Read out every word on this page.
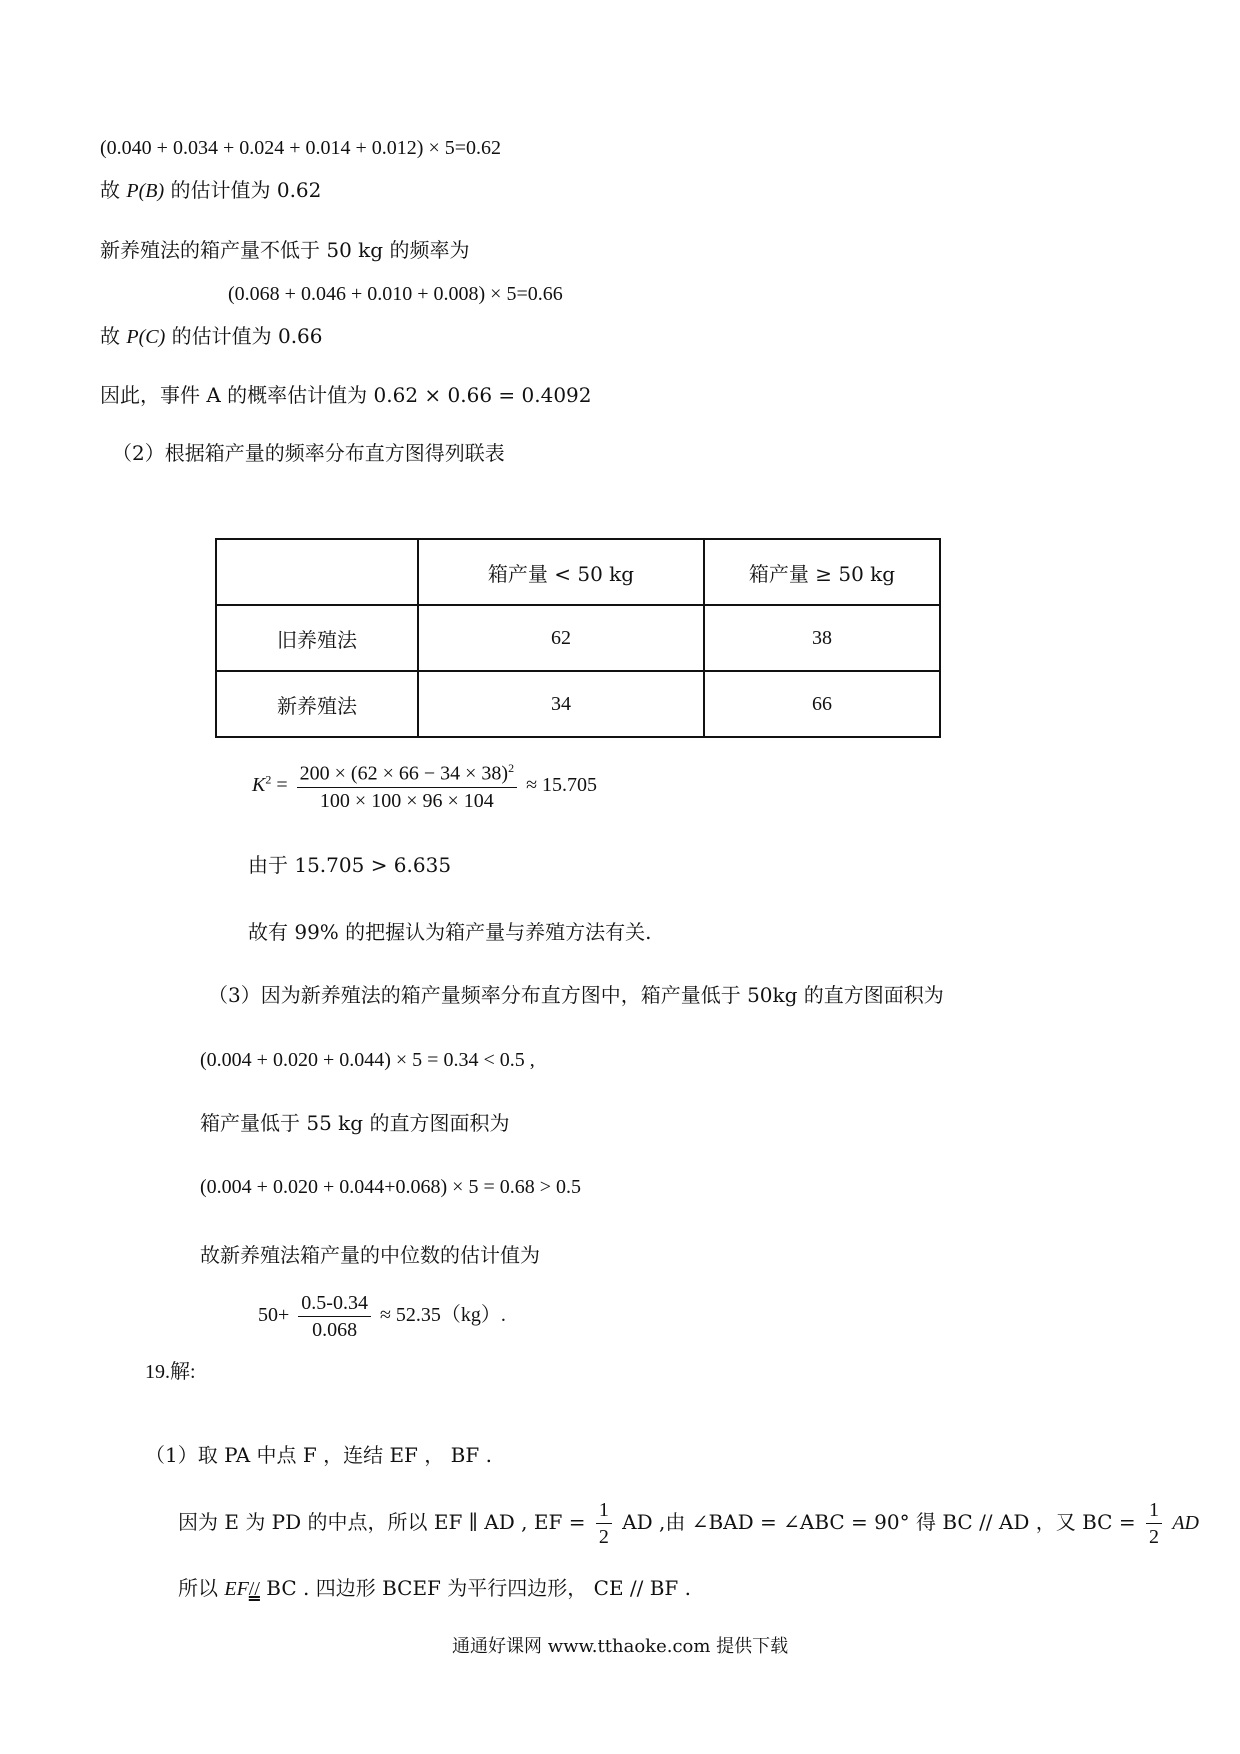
(0.040 + 0.034 + 0.024 + 0.014 + 0.012) × 5=0.62
故 P(B) 的估计值为 0.62
新养殖法的箱产量不低于 50 kg 的频率为
(0.068 + 0.046 + 0.010 + 0.008) × 5=0.66
故 P(C) 的估计值为 0.66
因此，事件 A 的概率估计值为 0.62 × 0.66 = 0.4092
（2）根据箱产量的频率分布直方图得列联表
	箱产量 < 50 kg	箱产量 ≥ 50 kg
旧养殖法	62	38
新养殖法	34	66
$K^2 = \frac{200 \times (62 \times 66 - 34 \times 38)^2}{100 \times 100 \times 96 \times 104} \approx 15.705$
由于 15.705 > 6.635
故有 99% 的把握认为箱产量与养殖方法有关.
（3）因为新养殖法的箱产量频率分布直方图中，箱产量低于 50kg 的直方图面积为
(0.004 + 0.020 + 0.044) × 5 = 0.34 < 0.5 ,
箱产量低于 55 kg 的直方图面积为
(0.004 + 0.020 + 0.044+0.068) × 5 = 0.68 > 0.5
故新养殖法箱产量的中位数的估计值为
$50+ \frac{0.5-0.34}{0.068} \approx 52.35(kg)$.
19.解:
（1）取 PA 中点 F ，连结 EF ， BF .
因为 E 为 PD 的中点，所以 EF ∥ AD , EF = $\frac{1}{2}$ AD ,由 ∠BAD = ∠ABC = 90° 得 BC // AD ，又 BC = $\frac{1}{2}$ AD
所以 EF// BC . 四边形 BCEF 为平行四边形， CE // BF .
通通好课网 www.tthaoke.com 提供下载
